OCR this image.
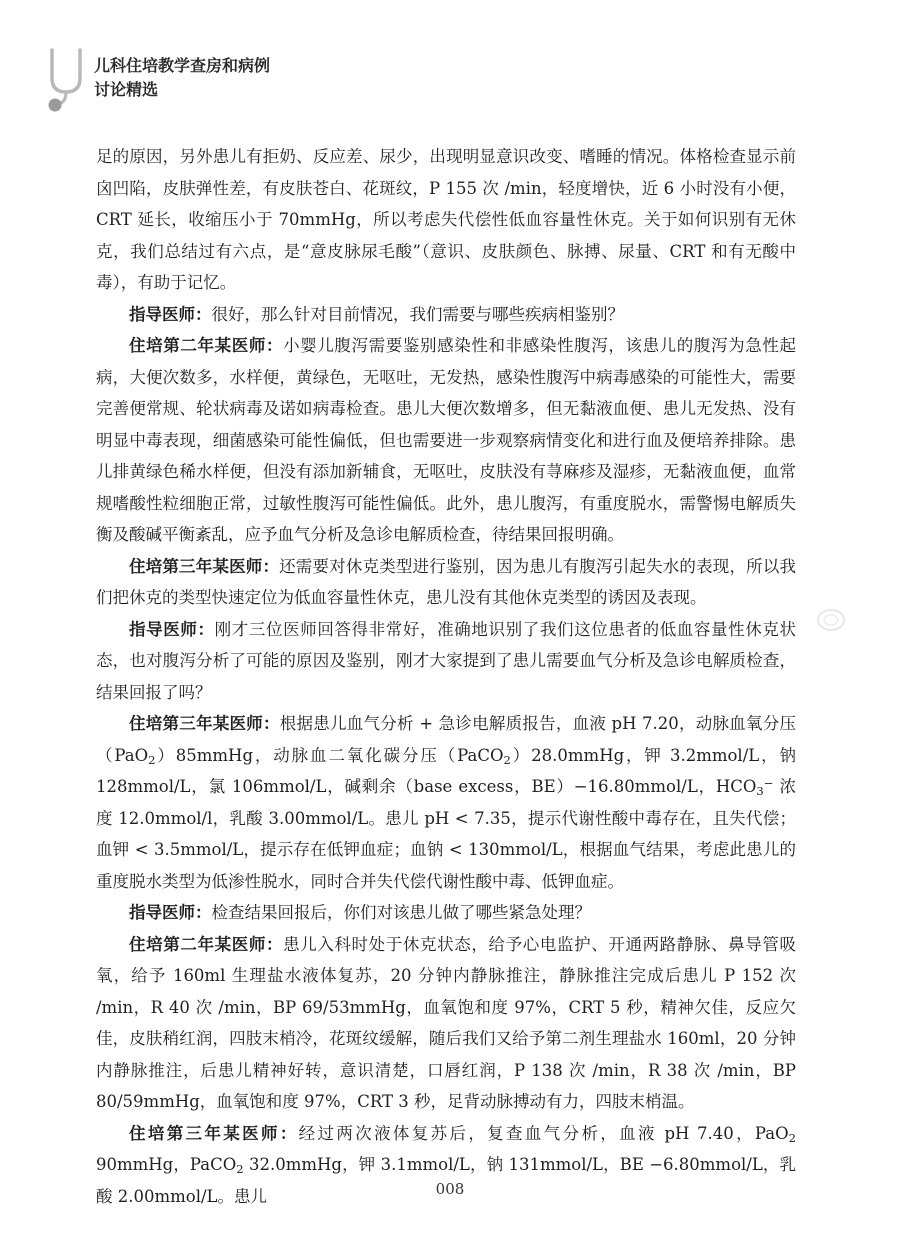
儿科住培教学查房和病例
讨论精选

足的原因，另外患儿有拒奶、反应差、尿少，出现明显意识改变、嗜睡的情况。体格检查显示前囟凹陷，皮肤弹性差，有皮肤苍白、花斑纹，P 155 次 /min，轻度增快，近 6 小时没有小便，CRT 延长，收缩压小于 70mmHg，所以考虑失代偿性低血容量性休克。关于如何识别有无休克，我们总结过有六点，是“意皮脉尿毛酸”（意识、皮肤颜色、脉搏、尿量、CRT 和有无酸中毒），有助于记忆。

指导医师：很好，那么针对目前情况，我们需要与哪些疾病相鉴别？

住培第二年某医师：小婴儿腹泻需要鉴别感染性和非感染性腹泻，该患儿的腹泻为急性起病，大便次数多，水样便，黄绿色，无呕吐，无发热，感染性腹泻中病毒感染的可能性大，需要完善便常规、轮状病毒及诺如病毒检查。患儿大便次数增多，但无黏液血便、患儿无发热、没有明显中毒表现，细菌感染可能性偏低，但也需要进一步观察病情变化和进行血及便培养排除。患儿排黄绿色稀水样便，但没有添加新辅食，无呕吐，皮肤没有荨麻疹及湿疹，无黏液血便，血常规嗜酸性粒细胞正常，过敏性腹泻可能性偏低。此外，患儿腹泻，有重度脱水，需警惕电解质失衡及酸碱平衡紊乱，应予血气分析及急诊电解质检查，待结果回报明确。

住培第三年某医师：还需要对休克类型进行鉴别，因为患儿有腹泻引起失水的表现，所以我们把休克的类型快速定位为低血容量性休克，患儿没有其他休克类型的诱因及表现。

指导医师：刚才三位医师回答得非常好，准确地识别了我们这位患者的低血容量性休克状态，也对腹泻分析了可能的原因及鉴别，刚才大家提到了患儿需要血气分析及急诊电解质检查，结果回报了吗？

住培第三年某医师：根据患儿血气分析 + 急诊电解质报告，血液 pH 7.20，动脉血氧分压（PaO$_2$）85mmHg，动脉血二氧化碳分压（PaCO$_2$）28.0mmHg，钾 3.2mmol/L，钠 128mmol/L，氯 106mmol/L，碱剩余（base excess，BE）−16.80mmol/L，$HCO_3^-$ 浓度 12.0mmol/l，乳酸 3.00mmol/L。患儿 pH < 7.35，提示代谢性酸中毒存在，且失代偿；血钾 < 3.5mmol/L，提示存在低钾血症；血钠 < 130mmol/L，根据血气结果，考虑此患儿的重度脱水类型为低渗性脱水，同时合并失代偿代谢性酸中毒、低钾血症。

指导医师：检查结果回报后，你们对该患儿做了哪些紧急处理？

住培第二年某医师：患儿入科时处于休克状态，给予心电监护、开通两路静脉、鼻导管吸氧，给予 160ml 生理盐水液体复苏，20 分钟内静脉推注，静脉推注完成后患儿 P 152 次 /min，R 40 次 /min，BP 69/53mmHg，血氧饱和度 97%，CRT 5 秒，精神欠佳，反应欠佳，皮肤稍红润，四肢末梢冷，花斑纹缓解，随后我们又给予第二剂生理盐水 160ml，20 分钟内静脉推注，后患儿精神好转，意识清楚，口唇红润，P 138 次 /min，R 38 次 /min，BP 80/59mmHg，血氧饱和度 97%，CRT 3 秒，足背动脉搏动有力，四肢末梢温。

住培第三年某医师：经过两次液体复苏后，复查血气分析，血液 pH 7.40，PaO$_2$ 90mmHg，PaCO$_2$ 32.0mmHg，钾 3.1mmol/L，钠 131mmol/L，BE −6.80mmol/L，乳酸 2.00mmol/L。患儿	008
